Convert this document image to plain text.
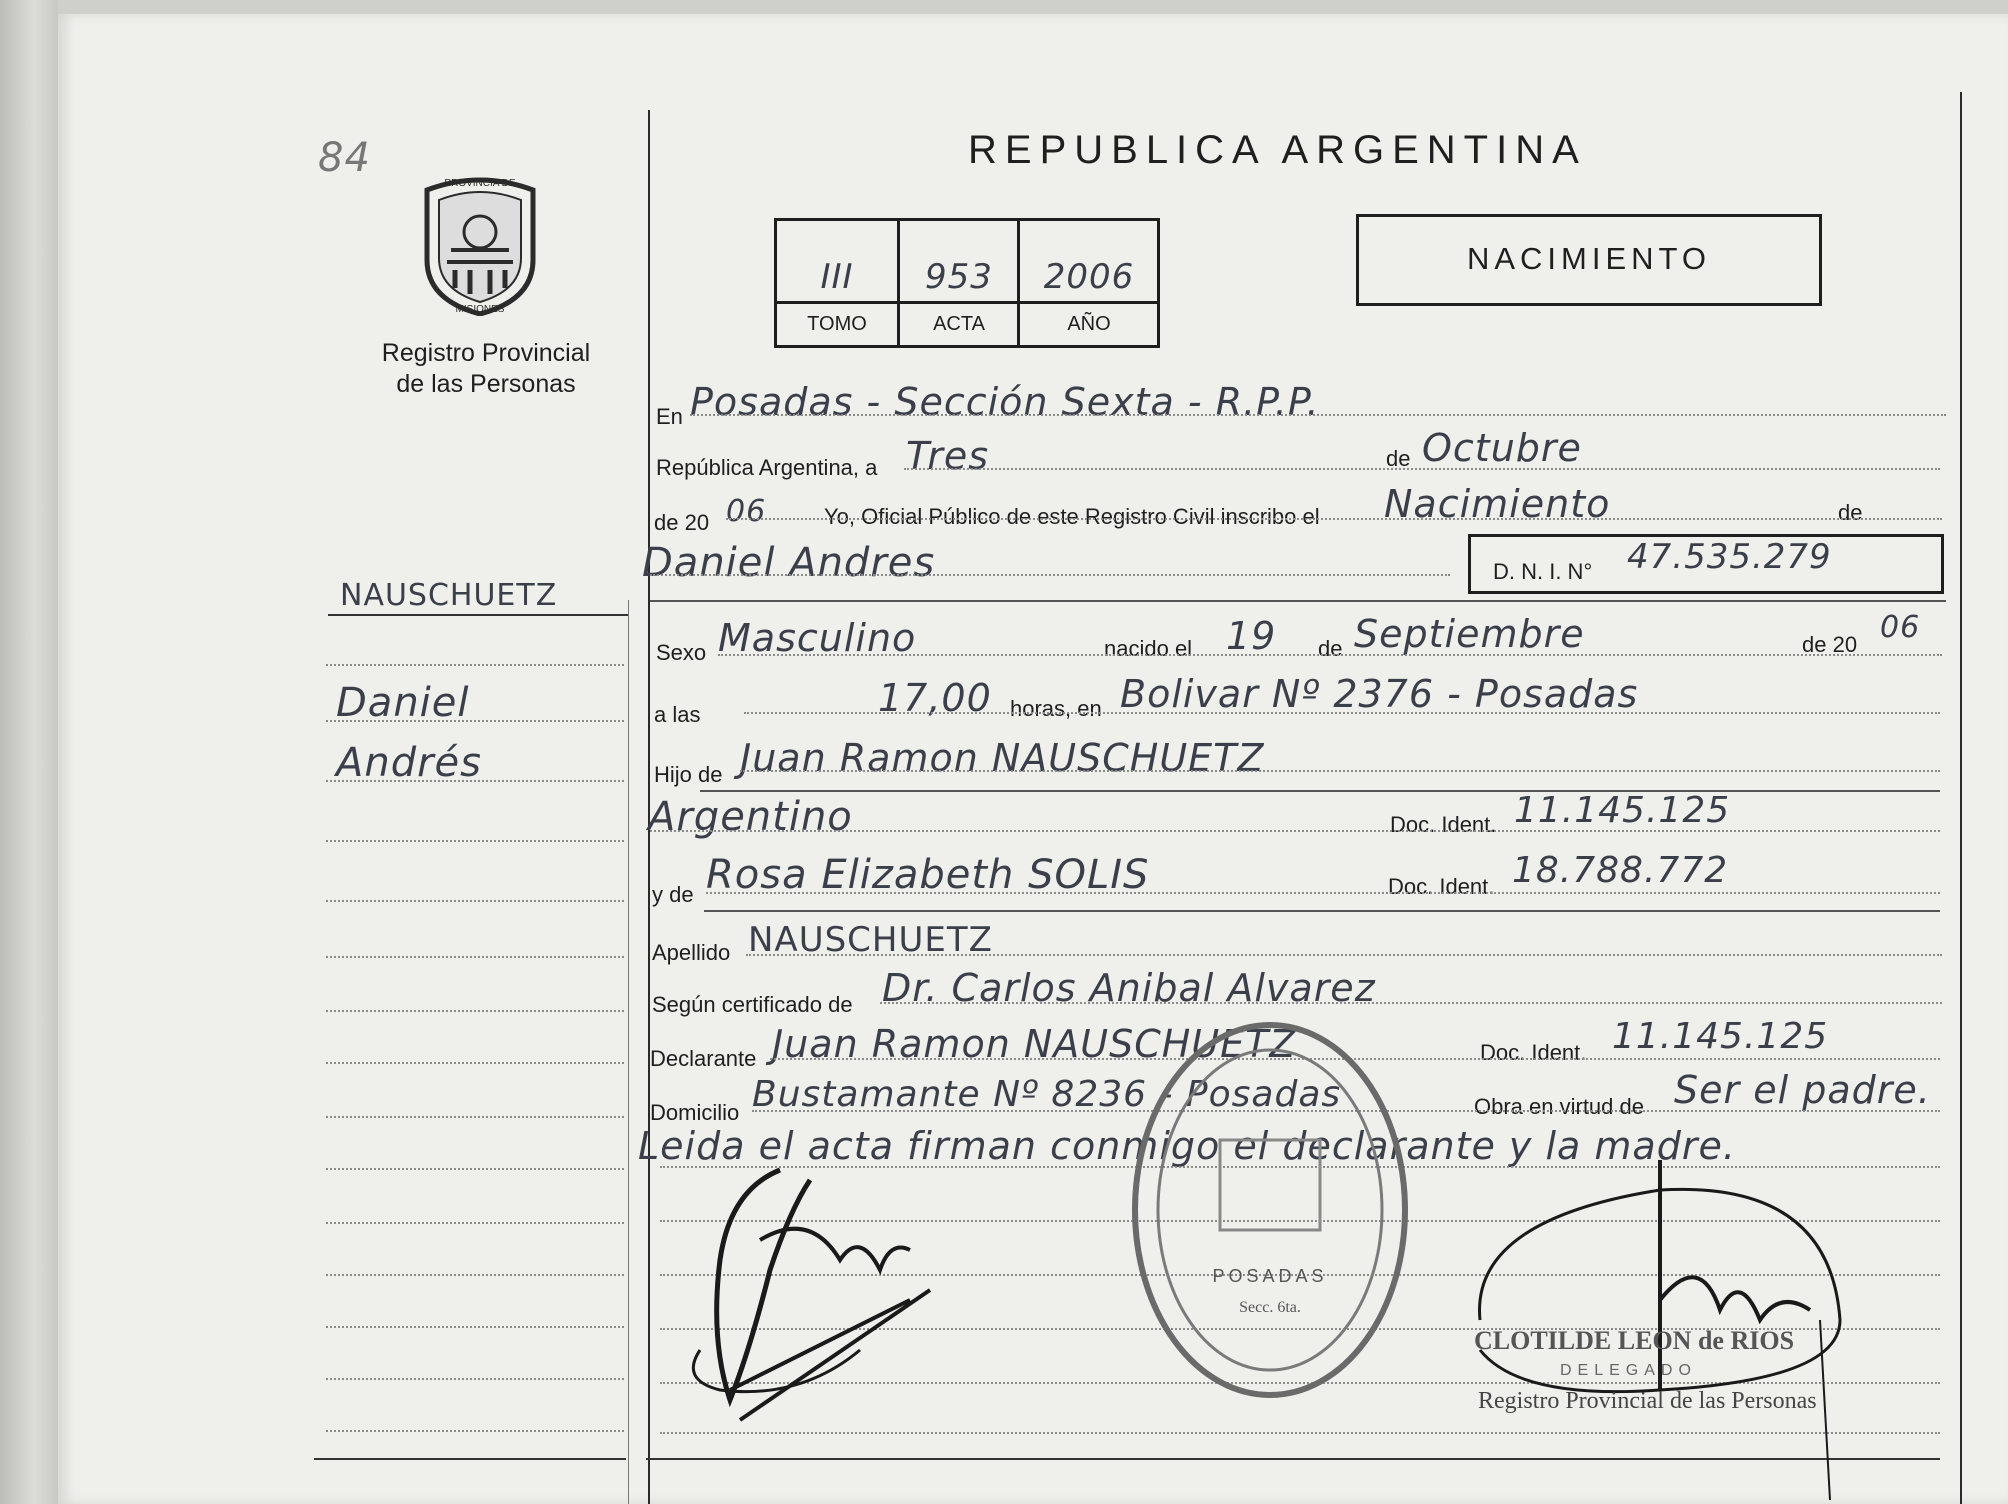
84
PROVINCIA DE
MISIONES
Registro Provincial
de las Personas
REPUBLICA ARGENTINA
NACIMIENTO
III	953	2006
TOMO	ACTA	AÑO
NAUSCHUETZ
Daniel
Andrés
En Posadas - Sección Sexta - R.P.P.
República Argentina, a Tres	de Octubre
de 20 06	Yo, Oficial Público de este Registro Civil inscribo el Nacimiento	de
Daniel Andres	D. N. I. N° 47.535.279
Sexo Masculino	nacido el 19 de Septiembre	de 20 06
a las	17,00 horas, en Bolivar Nº 2376 - Posadas
Hijo de Juan Ramon NAUSCHUETZ
Argentino	Doc. Ident. 11.145.125
y de Rosa Elizabeth SOLIS	Doc. Ident. 18.788.772
Apellido NAUSCHUETZ
Según certificado de Dr. Carlos Anibal Alvarez
Declarante Juan Ramon NAUSCHUETZ	Doc. Ident. 11.145.125
Domicilio Bustamante Nº 8236 - Posadas	Obra en virtud de Ser el padre.
Leida el acta firman conmigo el declarante y la madre.
POSADAS
Secc. 6ta.
CLOTILDE LEON de RIOS
DELEGADO
Registro Provincial de las Personas
